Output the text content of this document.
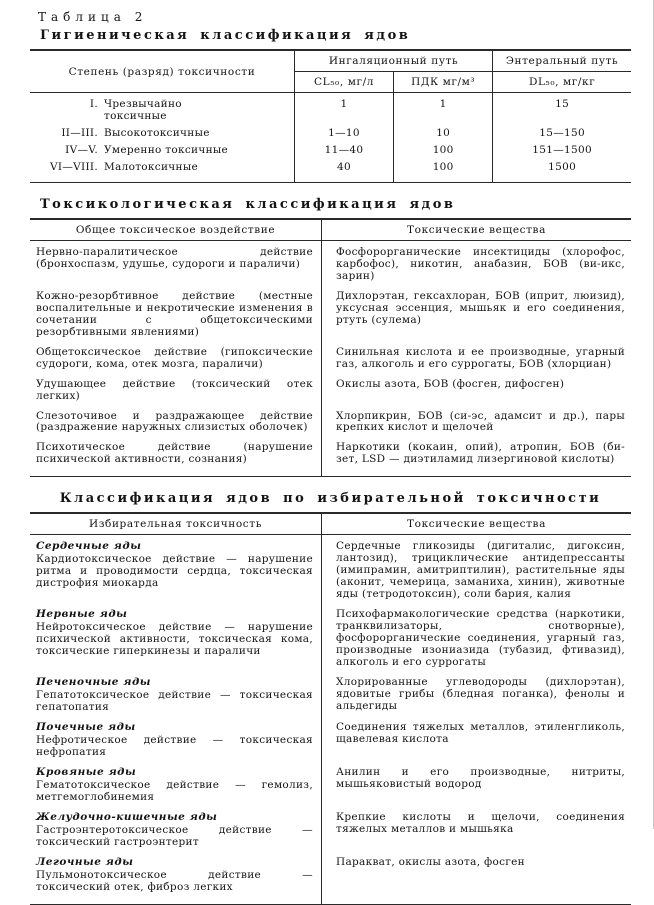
Таблица 2
Гигиеническая классификация ядов
Степень (разряд) токсичности	Ингаляционный путь		Энтеральный путь
	CL₅₀, мг/л	ПДК мг/м³	DL₅₀, мг/кг

I. Чрезвычайно токсичные	1	1	15

II—III. Высокотоксичные	1—10	10	15—150

IV—V. Умеренно токсичные	11—40	100	151—1500

VI—VIII. Малотоксичные	40	100	1500
Токсикологическая классификация ядов
Общее токсическое воздействие	Токсические вещества
Нервно-паралитическое действие (бронхоспазм, удушье, судороги и параличи)	Фосфорорганические инсектициды (хлорофос, карбофос), никотин, анабазин, БОВ (ви-икс, зарин)
Кожно-резорбтивное действие (местные воспалительные и некротические изменения в сочетании с общетоксическими резорбтивными явлениями)	Дихлорэтан, гексахлоран, БОВ (иприт, люизид), уксусная эссенция, мышьяк и его соединения, ртуть (сулема)
Общетоксическое действие (гипоксические судороги, кома, отек мозга, параличи)	Синильная кислота и ее производные, угарный газ, алкоголь и его суррогаты, БОВ (хлорциан)
Удушающее действие (токсический отек легких)	Окислы азота, БОВ (фосген, дифосген)
Слезоточивое и раздражающее действие (раздражение наружных слизистых оболочек)	Хлорпикрин, БОВ (си-эс, адамсит и др.), пары крепких кислот и щелочей
Психотическое действие (нарушение психической активности, сознания)	Наркотики (кокаин, опий), атропин, БОВ (би-зет, LSD — диэтиламид лизергиновой кислоты)
Классификация ядов по избирательной токсичности
Избирательная токсичность	Токсические вещества

Сердечные яды
Кардиотоксическое действие — нарушение ритма и проводимости сердца, токсическая дистрофия миокарда	Сердечные гликозиды (дигиталис, дигоксин, лантозид), трициклические антидепрессанты (имипрамин, амитриптилин), растительные яды (аконит, чемерица, заманиха, хинин), животные яды (тетродотоксин), соли бария, калия

Нервные яды
Нейротоксическое действие — нарушение психической активности, токсическая кома, токсические гиперкинезы и параличи	Психофармакологические средства (наркотики, транквилизаторы, снотворные), фосфорорганические соединения, угарный газ, производные изониазида (тубазид, фтивазид), алкоголь и его суррогаты

Печеночные яды
Гепатотоксическое действие — токсическая гепатопатия	Хлорированные углеводороды (дихлорэтан), ядовитые грибы (бледная поганка), фенолы и альдегиды

Почечные яды
Нефротическое действие — токсическая нефропатия	Соединения тяжелых металлов, этиленгликоль, щавелевая кислота

Кровяные яды
Гематотоксическое действие — гемолиз, метгемоглобинемия	Анилин и его производные, нитриты, мышьяковистый водород

Желудочно-кишечные яды
Гастроэнтеротоксическое действие — токсический гастроэнтерит	Крепкие кислоты и щелочи, соединения тяжелых металлов и мышьяка

Легочные яды
Пульмонотоксическое действие — токсический отек, фиброз легких	Паракват, окислы азота, фосген
